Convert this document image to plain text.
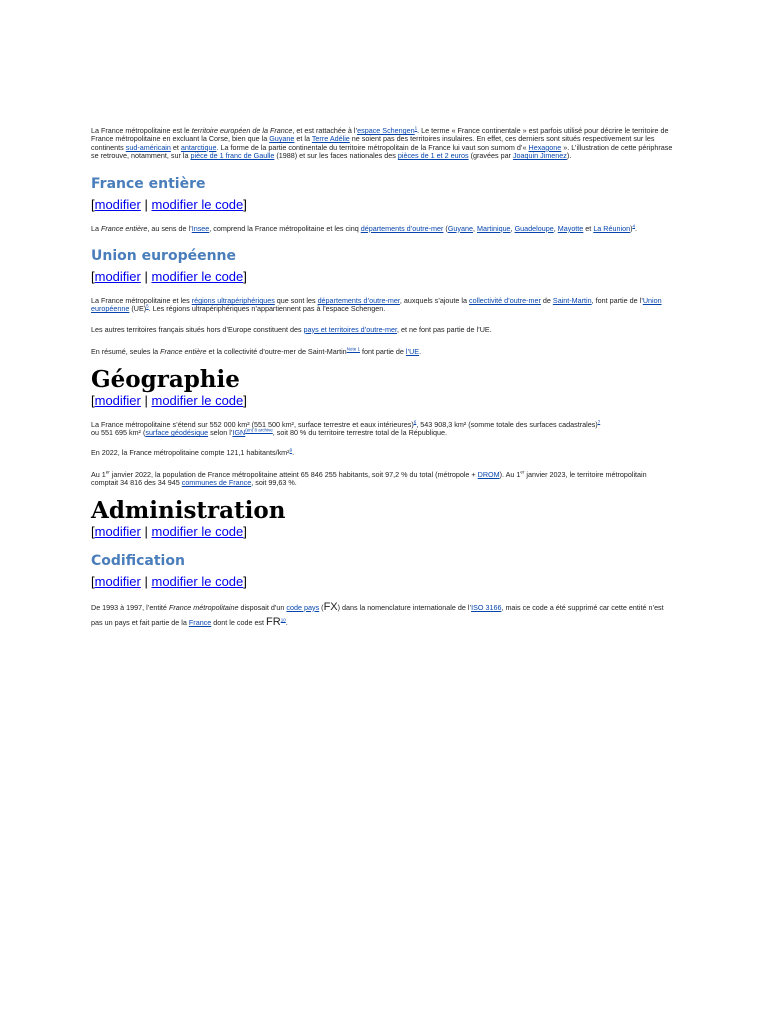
La France métropolitaine est le territoire européen de la France, et est rattachée à l’espace Schengen$^1$. Le terme « France continentale » est parfois utilisé pour décrire le territoire de France métropolitaine en excluant la Corse, bien que la Guyane et la Terre Adélie ne soient pas des territoires insulaires. En effet, ces derniers sont situés respectivement sur les continents sud-américain et antarctique. La forme de la partie continentale du territoire métropolitain de la France lui vaut son surnom d’« Hexagone ». L’illustration de cette périphrase se retrouve, notamment, sur la pièce de 1 franc de Gaulle (1988) et sur les faces nationales des pièces de 1 et 2 euros (gravées par Joaquin Jimenez).

France entière
[modifier | modifier le code]

La France entière, au sens de l’Insee, comprend la France métropolitaine et les cinq départements d’outre-mer (Guyane, Martinique, Guadeloupe, Mayotte et La Réunion)$^4$.

Union européenne
[modifier | modifier le code]

La France métropolitaine et les régions ultrapériphériques que sont les départements d’outre-mer, auxquels s’ajoute la collectivité d’outre-mer de Saint-Martin, font partie de l’Union européenne (UE)$^5$. Les régions ultrapériphériques n’appartiennent pas à l’espace Schengen.

Les autres territoires français situés hors d’Europe constituent des pays et territoires d’outre-mer, et ne font pas partie de l’UE.

En résumé, seules la France entière et la collectivité d’outre-mer de Saint-Martin$^{Note 1}$ font partie de l’UE.

Géographie
[modifier | modifier le code]

La France métropolitaine s’étend sur 552 000 km² (551 500 km², surface terrestre et eaux intérieures)$^6$, 543 908,3 km² (somme totale des surfaces cadastrales)$^7$ ou 551 695 km² (surface géodésique selon l’IGN$^{(en) 8 archive}$, soit 80 % du territoire terrestre total de la République.

En 2022, la France métropolitaine compte 121,1 habitants/km²$^9$.

Au 1er janvier 2022, la population de France métropolitaine atteint 65 846 255 habitants, soit 97,2 % du total (métropole + DROM). Au 1er janvier 2023, le territoire métropolitain comptait 34 816 des 34 945 communes de France, soit 99,63 %.

Administration
[modifier | modifier le code]
Codification
[modifier | modifier le code]

De 1993 à 1997, l’entité France métropolitaine disposait d’un code pays (FX) dans la nomenclature internationale de l’ISO 3166, mais ce code a été supprimé car cette entité n’est pas un pays et fait partie de la France dont le code est FR$^{10}$.
